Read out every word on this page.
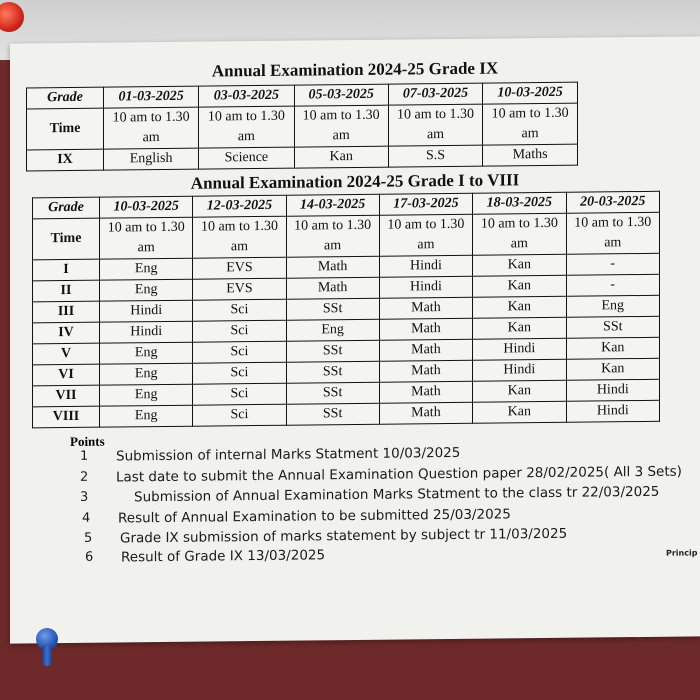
Annual Examination 2024-25 Grade IX
Grade	01-03-2025	03-03-2025	05-03-2025	07-03-2025	10-03-2025
Time	10 am to 1.30 am	10 am to 1.30 am	10 am to 1.30 am	10 am to 1.30 am	10 am to 1.30 am
IX	English	Science	Kan	S.S	Maths
Annual Examination 2024-25 Grade I to VIII
Grade	10-03-2025	12-03-2025	14-03-2025	17-03-2025	18-03-2025	20-03-2025
Time	10 am to 1.30 am	10 am to 1.30 am	10 am to 1.30 am	10 am to 1.30 am	10 am to 1.30 am	10 am to 1.30 am
I	Eng	EVS	Math	Hindi	Kan	-
II	Eng	EVS	Math	Hindi	Kan	-
III	Hindi	Sci	SSt	Math	Kan	Eng
IV	Hindi	Sci	Eng	Math	Kan	SSt
V	Eng	Sci	SSt	Math	Hindi	Kan
VI	Eng	Sci	SSt	Math	Hindi	Kan
VII	Eng	Sci	SSt	Math	Kan	Hindi
VIII	Eng	Sci	SSt	Math	Kan	Hindi
Points
1 Submission of internal Marks Statment 10/03/2025
2 Last date to submit the Annual Examination Question paper 28/02/2025( All 3 Sets)
3	Submission of Annual Examination Marks Statment to the class tr 22/03/2025
4 Result of Annual Examination to be submitted 25/03/2025
5 Grade IX submission of marks statement by subject tr 11/03/2025
6 Result of Grade IX 13/03/2025	Princip
